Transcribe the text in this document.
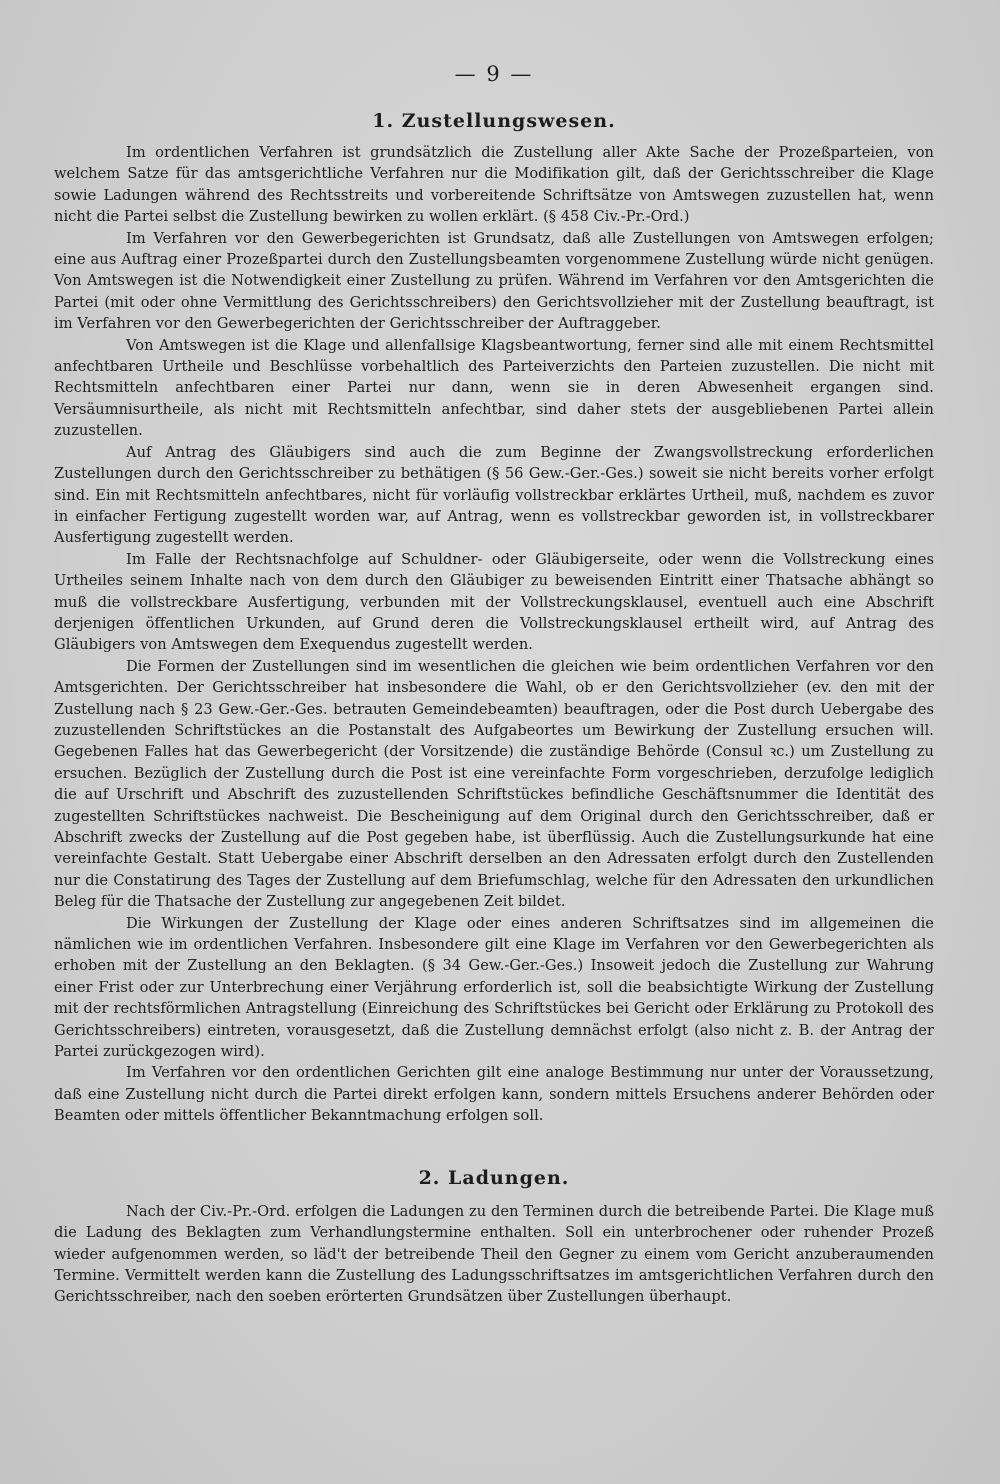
— 9 —
1. Zustellungswesen.

Im ordentlichen Verfahren ist grundsätzlich die Zustellung aller Akte Sache der Prozeßparteien, von welchem Satze für das amtsgerichtliche Verfahren nur die Modifikation gilt, daß der Gerichtsschreiber die Klage sowie Ladungen während des Rechtsstreits und vorbereitende Schriftsätze von Amtswegen zuzustellen hat, wenn nicht die Partei selbst die Zustellung bewirken zu wollen erklärt. (§ 458 Civ.-Pr.-Ord.)

Im Verfahren vor den Gewerbegerichten ist Grundsatz, daß alle Zustellungen von Amtswegen erfolgen; eine aus Auftrag einer Prozeßpartei durch den Zustellungsbeamten vorgenommene Zustellung würde nicht genügen. Von Amtswegen ist die Notwendigkeit einer Zustellung zu prüfen. Während im Verfahren vor den Amtsgerichten die Partei (mit oder ohne Vermittlung des Gerichtsschreibers) den Gerichtsvollzieher mit der Zustellung beauftragt, ist im Verfahren vor den Gewerbegerichten der Gerichtsschreiber der Auftraggeber.

Von Amtswegen ist die Klage und allenfallsige Klagsbeantwortung, ferner sind alle mit einem Rechtsmittel anfechtbaren Urtheile und Beschlüsse vorbehaltlich des Parteiverzichts den Parteien zuzustellen. Die nicht mit Rechtsmitteln anfechtbaren einer Partei nur dann, wenn sie in deren Abwesenheit ergangen sind. Versäumnisurtheile, als nicht mit Rechtsmitteln anfechtbar, sind daher stets der ausgebliebenen Partei allein zuzustellen.

Auf Antrag des Gläubigers sind auch die zum Beginne der Zwangsvollstreckung erforderlichen Zustellungen durch den Gerichtsschreiber zu bethätigen (§ 56 Gew.-Ger.-Ges.) soweit sie nicht bereits vorher erfolgt sind. Ein mit Rechtsmitteln anfechtbares, nicht für vorläufig vollstreckbar erklärtes Urtheil, muß, nachdem es zuvor in einfacher Fertigung zugestellt worden war, auf Antrag, wenn es vollstreckbar geworden ist, in vollstreckbarer Ausfertigung zugestellt werden.

Im Falle der Rechtsnachfolge auf Schuldner- oder Gläubigerseite, oder wenn die Vollstreckung eines Urtheiles seinem Inhalte nach von dem durch den Gläubiger zu beweisenden Eintritt einer Thatsache abhängt so muß die vollstreckbare Ausfertigung, verbunden mit der Vollstreckungsklausel, eventuell auch eine Abschrift derjenigen öffentlichen Urkunden, auf Grund deren die Vollstreckungsklausel ertheilt wird, auf Antrag des Gläubigers von Amtswegen dem Exequendus zugestellt werden.

Die Formen der Zustellungen sind im wesentlichen die gleichen wie beim ordentlichen Verfahren vor den Amtsgerichten. Der Gerichtsschreiber hat insbesondere die Wahl, ob er den Gerichtsvollzieher (ev. den mit der Zustellung nach § 23 Gew.-Ger.-Ges. betrauten Gemeindebeamten) beauftragen, oder die Post durch Uebergabe des zuzustellenden Schriftstückes an die Postanstalt des Aufgabeortes um Bewirkung der Zustellung ersuchen will. Gegebenen Falles hat das Gewerbegericht (der Vorsitzende) die zuständige Behörde (Consul ꝛc.) um Zustellung zu ersuchen. Bezüglich der Zustellung durch die Post ist eine vereinfachte Form vorgeschrieben, derzufolge lediglich die auf Urschrift und Abschrift des zuzustellenden Schriftstückes befindliche Geschäftsnummer die Identität des zugestellten Schriftstückes nachweist. Die Bescheinigung auf dem Original durch den Gerichtsschreiber, daß er Abschrift zwecks der Zustellung auf die Post gegeben habe, ist überflüssig. Auch die Zustellungsurkunde hat eine vereinfachte Gestalt. Statt Uebergabe einer Abschrift derselben an den Adressaten erfolgt durch den Zustellenden nur die Constatirung des Tages der Zustellung auf dem Briefumschlag, welche für den Adressaten den urkundlichen Beleg für die Thatsache der Zustellung zur angegebenen Zeit bildet.

Die Wirkungen der Zustellung der Klage oder eines anderen Schriftsatzes sind im allgemeinen die nämlichen wie im ordentlichen Verfahren. Insbesondere gilt eine Klage im Verfahren vor den Gewerbegerichten als erhoben mit der Zustellung an den Beklagten. (§ 34 Gew.-Ger.-Ges.) Insoweit jedoch die Zustellung zur Wahrung einer Frist oder zur Unterbrechung einer Verjährung erforderlich ist, soll die beabsichtigte Wirkung der Zustellung mit der rechtsförmlichen Antragstellung (Einreichung des Schriftstückes bei Gericht oder Erklärung zu Protokoll des Gerichtsschreibers) eintreten, vorausgesetzt, daß die Zustellung demnächst erfolgt (also nicht z. B. der Antrag der Partei zurückgezogen wird).

Im Verfahren vor den ordentlichen Gerichten gilt eine analoge Bestimmung nur unter der Voraussetzung, daß eine Zustellung nicht durch die Partei direkt erfolgen kann, sondern mittels Ersuchens anderer Behörden oder Beamten oder mittels öffentlicher Bekanntmachung erfolgen soll.

2. Ladungen.

Nach der Civ.-Pr.-Ord. erfolgen die Ladungen zu den Terminen durch die betreibende Partei. Die Klage muß die Ladung des Beklagten zum Verhandlungstermine enthalten. Soll ein unterbrochener oder ruhender Prozeß wieder aufgenommen werden, so läd't der betreibende Theil den Gegner zu einem vom Gericht anzuberaumenden Termine. Vermittelt werden kann die Zustellung des Ladungsschriftsatzes im amtsgerichtlichen Verfahren durch den Gerichtsschreiber, nach den soeben erörterten Grundsätzen über Zustellungen überhaupt.
